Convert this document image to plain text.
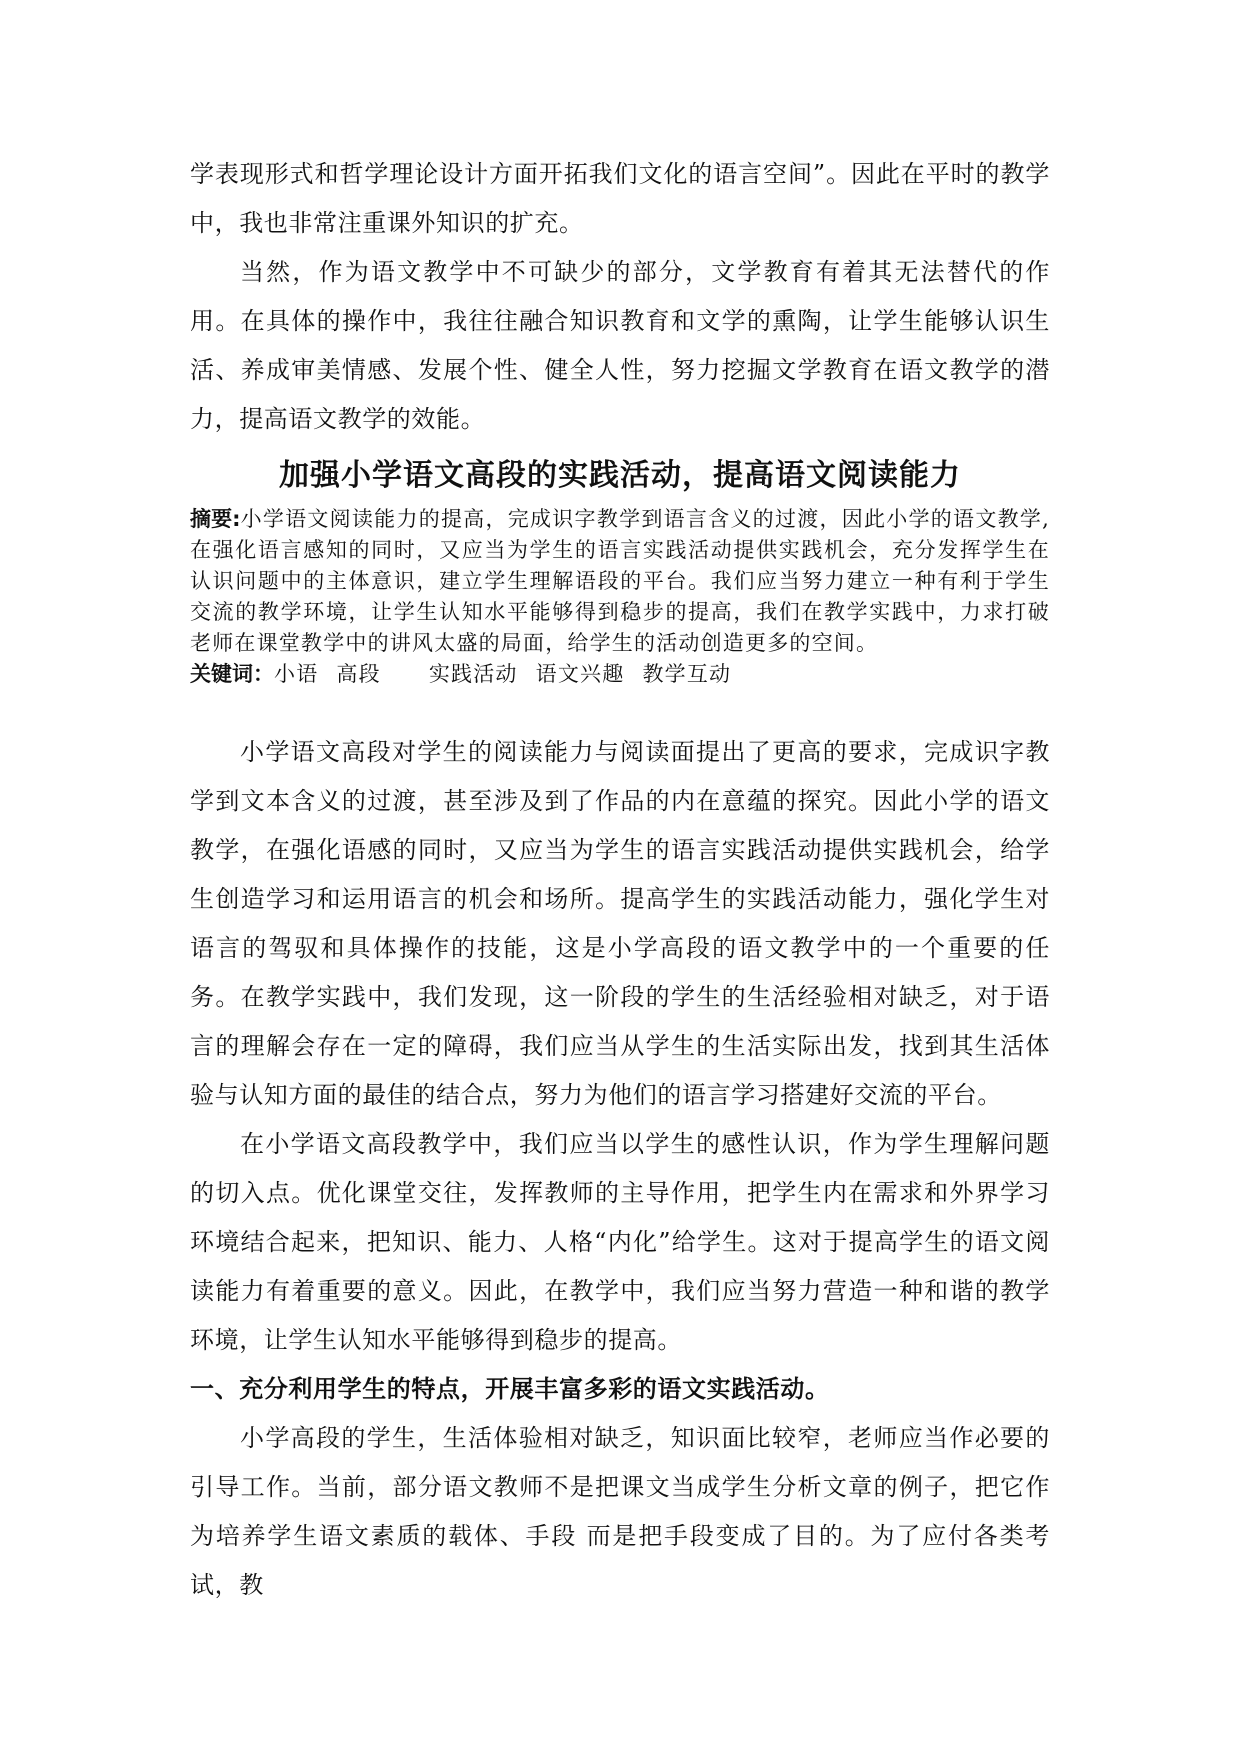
学表现形式和哲学理论设计方面开拓我们文化的语言空间”。因此在平时的教学中，我也非常注重课外知识的扩充。

当然，作为语文教学中不可缺少的部分，文学教育有着其无法替代的作用。在具体的操作中，我往往融合知识教育和文学的熏陶，让学生能够认识生活、养成审美情感、发展个性、健全人性，努力挖掘文学教育在语文教学的潜力，提高语文教学的效能。

加强小学语文高段的实践活动，提高语文阅读能力

摘要:小学语文阅读能力的提高，完成识字教学到语言含义的过渡，因此小学的语文教学,在强化语言感知的同时，又应当为学生的语言实践活动提供实践机会，充分发挥学生在认识问题中的主体意识，建立学生理解语段的平台。我们应当努力建立一种有利于学生交流的教学环境，让学生认知水平能够得到稳步的提高，我们在教学实践中，力求打破老师在课堂教学中的讲风太盛的局面，给学生的活动创造更多的空间。

关键词：小语 高段 实践活动 语文兴趣 教学互动

小学语文高段对学生的阅读能力与阅读面提出了更高的要求，完成识字教学到文本含义的过渡，甚至涉及到了作品的内在意蕴的探究。因此小学的语文教学，在强化语感的同时，又应当为学生的语言实践活动提供实践机会，给学生创造学习和运用语言的机会和场所。提高学生的实践活动能力，强化学生对语言的驾驭和具体操作的技能，这是小学高段的语文教学中的一个重要的任务。在教学实践中，我们发现，这一阶段的学生的生活经验相对缺乏，对于语言的理解会存在一定的障碍，我们应当从学生的生活实际出发，找到其生活体验与认知方面的最佳的结合点，努力为他们的语言学习搭建好交流的平台。

在小学语文高段教学中，我们应当以学生的感性认识，作为学生理解问题的切入点。优化课堂交往，发挥教师的主导作用，把学生内在需求和外界学习环境结合起来，把知识、能力、人格“内化”给学生。这对于提高学生的语文阅读能力有着重要的意义。因此，在教学中，我们应当努力营造一种和谐的教学环境，让学生认知水平能够得到稳步的提高。

一、充分利用学生的特点，开展丰富多彩的语文实践活动。

小学高段的学生，生活体验相对缺乏，知识面比较窄，老师应当作必要的引导工作。当前，部分语文教师不是把课文当成学生分析文章的例子，把它作为培养学生语文素质的载体、手段 而是把手段变成了目的。为了应付各类考试，教
